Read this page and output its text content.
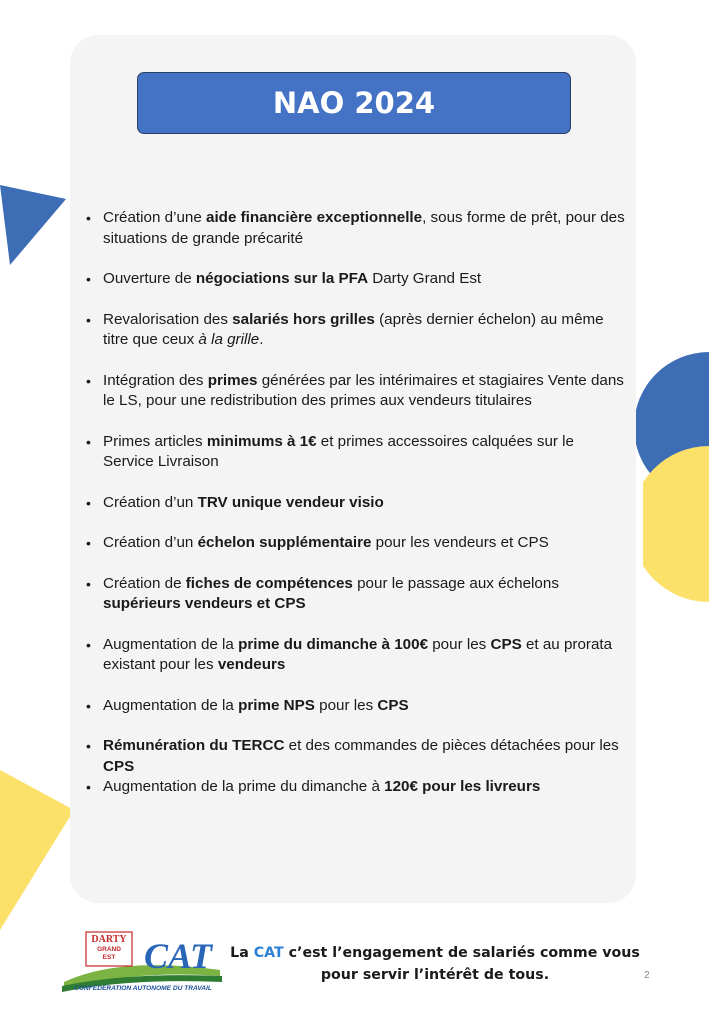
NAO 2024
• Création d’une aide financière exceptionnelle, sous forme de prêt, pour des situations de grande précarité
• Ouverture de négociations sur la PFA Darty Grand Est
• Revalorisation des salariés hors grilles (après dernier échelon) au même titre que ceux à la grille.
• Intégration des primes générées par les intérimaires et stagiaires Vente dans le LS, pour une redistribution des primes aux vendeurs titulaires
• Primes articles minimums à 1€ et primes accessoires calquées sur le Service Livraison
• Création d’un TRV unique vendeur visio
• Création d’un échelon supplémentaire pour les vendeurs et CPS
• Création de fiches de compétences pour le passage aux échelons supérieurs vendeurs et CPS
• Augmentation de la prime du dimanche à 100€ pour les CPS et au prorata existant pour les vendeurs
• Augmentation de la prime NPS pour les CPS
• Rémunération du TERCC et des commandes de pièces détachées pour les CPS
• Augmentation de la prime du dimanche à 120€ pour les livreurs
DARTY
GRAND
EST CAT
CONFEDERATION AUTONOME DU TRAVAIL
La CAT c’est l’engagement de salariés comme vous
pour servir l’intérêt de tous.	2
